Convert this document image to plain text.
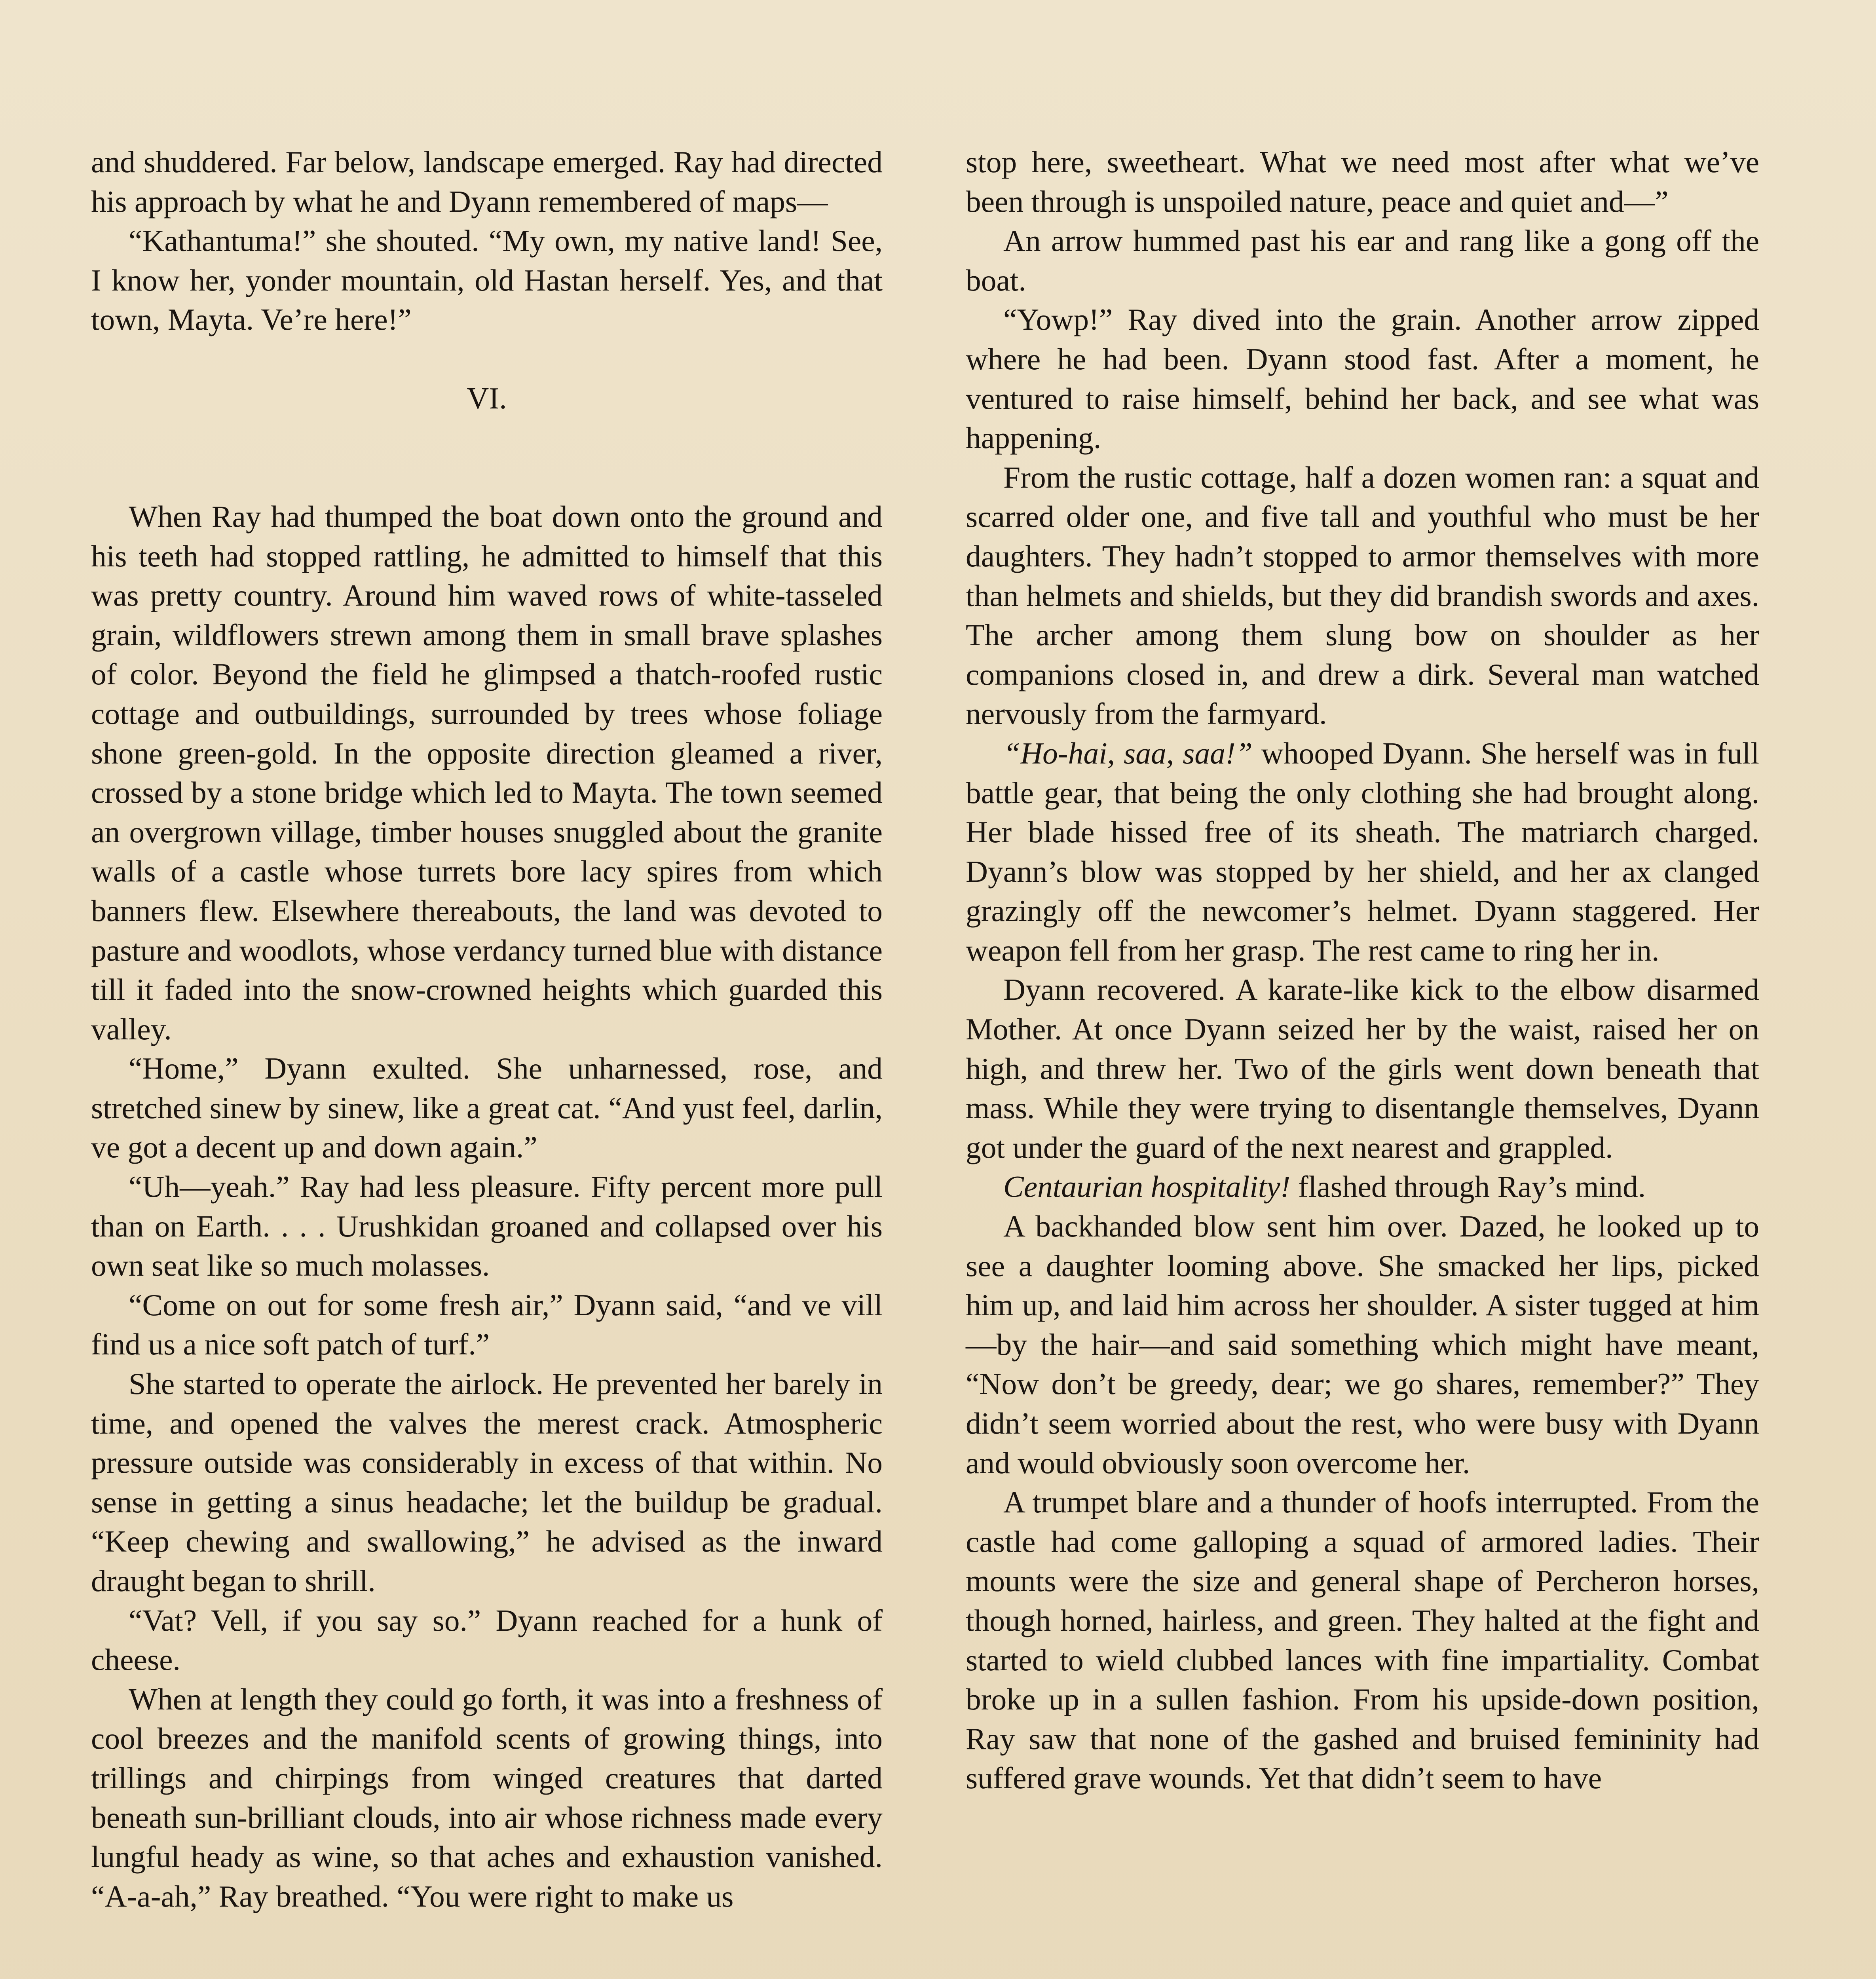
and shuddered. Far below, landscape emerged. Ray had directed his approach by what he and Dyann remembered of maps—

“Kathantuma!” she shouted. “My own, my native land! See, I know her, yonder mountain, old Hastan herself. Yes, and that town, Mayta. Ve’re here!”

VI.

When Ray had thumped the boat down onto the ground and his teeth had stopped rattling, he admitted to himself that this was pretty country. Around him waved rows of white-tasseled grain, wildflowers strewn among them in small brave splashes of color. Beyond the field he glimpsed a thatch-roofed rustic cottage and outbuildings, surrounded by trees whose foliage shone green-gold. In the opposite direction gleamed a river, crossed by a stone bridge which led to Mayta. The town seemed an overgrown village, timber houses snuggled about the granite walls of a castle whose turrets bore lacy spires from which banners flew. Elsewhere thereabouts, the land was devoted to pasture and woodlots, whose verdancy turned blue with distance till it faded into the snow-crowned heights which guarded this valley.

“Home,” Dyann exulted. She unharnessed, rose, and stretched sinew by sinew, like a great cat. “And yust feel, darlin, ve got a decent up and down again.”

“Uh—yeah.” Ray had less pleasure. Fifty percent more pull than on Earth. . . . Urushkidan groaned and collapsed over his own seat like so much molasses.

“Come on out for some fresh air,” Dyann said, “and ve vill find us a nice soft patch of turf.”

She started to operate the airlock. He prevented her barely in time, and opened the valves the merest crack. Atmospheric pressure outside was considerably in excess of that within. No sense in getting a sinus headache; let the buildup be gradual. “Keep chewing and swallowing,” he advised as the inward draught began to shrill.

“Vat? Vell, if you say so.” Dyann reached for a hunk of cheese.

When at length they could go forth, it was into a freshness of cool breezes and the manifold scents of growing things, into trillings and chirpings from winged creatures that darted beneath sun-brilliant clouds, into air whose richness made every lungful heady as wine, so that aches and exhaustion vanished. “A-a-ah,” Ray breathed. “You were right to make us

stop here, sweetheart. What we need most after what we’ve been through is unspoiled nature, peace and quiet and—”

An arrow hummed past his ear and rang like a gong off the boat.

“Yowp!” Ray dived into the grain. Another arrow zipped where he had been. Dyann stood fast. After a moment, he ventured to raise himself, behind her back, and see what was happening.

From the rustic cottage, half a dozen women ran: a squat and scarred older one, and five tall and youthful who must be her daughters. They hadn’t stopped to armor themselves with more than helmets and shields, but they did brandish swords and axes. The archer among them slung bow on shoulder as her companions closed in, and drew a dirk. Several man watched nervously from the farmyard.

“Ho-hai, saa, saa!” whooped Dyann. She herself was in full battle gear, that being the only clothing she had brought along. Her blade hissed free of its sheath. The matriarch charged. Dyann’s blow was stopped by her shield, and her ax clanged grazingly off the newcomer’s helmet. Dyann staggered. Her weapon fell from her grasp. The rest came to ring her in.

Dyann recovered. A karate-like kick to the elbow disarmed Mother. At once Dyann seized her by the waist, raised her on high, and threw her. Two of the girls went down beneath that mass. While they were trying to disentangle themselves, Dyann got under the guard of the next nearest and grappled.

Centaurian hospitality! flashed through Ray’s mind.

A backhanded blow sent him over. Dazed, he looked up to see a daughter looming above. She smacked her lips, picked him up, and laid him across her shoulder. A sister tugged at him—by the hair—and said something which might have meant, “Now don’t be greedy, dear; we go shares, remember?” They didn’t seem worried about the rest, who were busy with Dyann and would obviously soon overcome her.

A trumpet blare and a thunder of hoofs interrupted. From the castle had come galloping a squad of armored ladies. Their mounts were the size and general shape of Percheron horses, though horned, hairless, and green. They halted at the fight and started to wield clubbed lances with fine impartiality. Combat broke up in a sullen fashion. From his upside-down position, Ray saw that none of the gashed and bruised femininity had suffered grave wounds. Yet that didn’t seem to have
